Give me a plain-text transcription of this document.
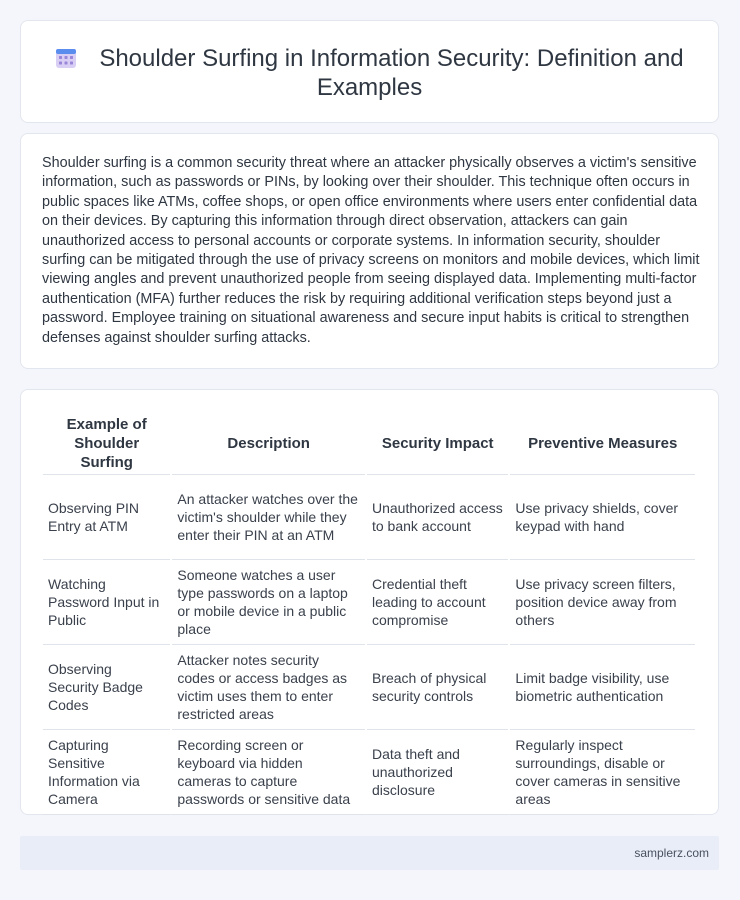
Shoulder Surfing in Information Security: Definition and Examples

Shoulder surfing is a common security threat where an attacker physically observes a victim's sensitive information, such as passwords or PINs, by looking over their shoulder. This technique often occurs in public spaces like ATMs, coffee shops, or open office environments where users enter confidential data on their devices. By capturing this information through direct observation, attackers can gain unauthorized access to personal accounts or corporate systems. In information security, shoulder surfing can be mitigated through the use of privacy screens on monitors and mobile devices, which limit viewing angles and prevent unauthorized people from seeing displayed data. Implementing multi-factor authentication (MFA) further reduces the risk by requiring additional verification steps beyond just a password. Employee training on situational awareness and secure input habits is critical to strengthen defenses against shoulder surfing attacks.

Example of Shoulder Surfing	Description	Security Impact	Preventive Measures
Observing PIN Entry at ATM	An attacker watches over the victim's shoulder while they enter their PIN at an ATM	Unauthorized access to bank account	Use privacy shields, cover keypad with hand
Watching Password Input in Public	Someone watches a user type passwords on a laptop or mobile device in a public place	Credential theft leading to account compromise	Use privacy screen filters, position device away from others
Observing Security Badge Codes	Attacker notes security codes or access badges as victim uses them to enter restricted areas	Breach of physical security controls	Limit badge visibility, use biometric authentication
Capturing Sensitive Information via Camera	Recording screen or keyboard via hidden cameras to capture passwords or sensitive data	Data theft and unauthorized disclosure	Regularly inspect surroundings, disable or cover cameras in sensitive areas
samplerz.com
